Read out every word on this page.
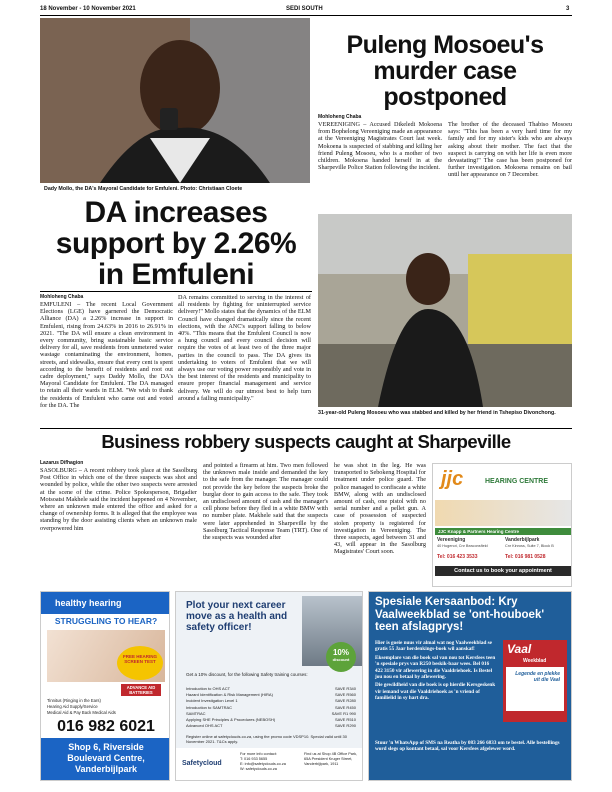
18 November - 10 November 2021	SEDI SOUTH	3
Dady Mollo, the DA's Mayoral Candidate for Emfuleni. Photo: Christiaan Cloete
DA increases support by 2.26% in Emfuleni
Mohloheng Chaba

EMFULENI – The recent Local Government Elections (LGE) have garnered the Democratic Alliance (DA) a 2.26% increase in support in Emfuleni, rising from 24.63% in 2016 to 26.91% in 2021. "The DA will ensure a clean environment in every community, bring sustainable basic service delivery for all, save residents from unmetered water wastage contaminating the environment, homes, streets, and sidewalks, ensure that every cent is spent according to the benefit of residents and root out cadre deployment," says Daddy Mollo, the DA's Mayoral Candidate for Emfuleni. The DA managed to retain all their wards in ELM. "We wish to thank the residents of Emfuleni who came out and voted for the DA. The

DA remains committed to serving in the interest of all residents by fighting for uninterrupted service delivery!" Mollo states that the dynamics of the ELM Council have changed dramatically since the recent elections, with the ANC's support falling to below 40%. "This means that the Emfuleni Council is now a hung council and every council decision will require the votes of at least two of the three major parties in the council to pass. The DA gives its undertaking to voters of Emfuleni that we will always use our voting power responsibly and vote in the best interest of the residents and municipality to ensure proper financial management and service delivery. We will do our utmost best to help turn around a failing municipality."

Puleng Mosoeu's murder case postponed
Mohloheng Chaba

VEREENIGING – Accused Dikeledi Mokoena from Bophelong Vereeniging made an appearance at the Vereeniging Magistrates Court last week. Mokoena is suspected of stabbing and killing her friend Puleng Mosoeu, who is a mother of two children. Mokoena handed herself in at the Sharpeville Police Station following the incident.

The brother of the deceased Thabiso Mosoeu says: "This has been a very hard time for my family and for my sister's kids who are always asking about their mother. The fact that the suspect is carrying on with her life is even more devastating!" The case has been postponed for further investigation. Mokoena remains on bail until her appearance on 7 December.

31-year-old Puleng Mosoeu who was stabbed and killed by her friend in Tshepiso Divonchong.
Business robbery suspects caught at Sharpeville
Lazarus Difhagion

SASOLBURG – A recent robbery took place at the Sasolburg Post Office in which one of the three suspects was shot and wounded by police, while the other two suspects were arrested at the scene of the crime. Police Spokesperson, Brigadier Motsoatsi Makhele said the incident happened on 4 November, where an unknown male entered the office and asked for a change of ownership forms. It is alleged that the employee was standing by the door assisting clients when an unknown male overpowered him

and pointed a firearm at him. Two men followed the unknown male inside and demanded the key to the safe from the manager. The manager could not provide the key before the suspects broke the burglar door to gain access to the safe. They took an undisclosed amount of cash and the manager's cell phone before they fled in a white BMW with no number plate. Makhele said that the suspects were later apprehended in Sharpeville by the Sasolburg Tactical Response Team (TRT). One of the suspects was wounded after

he was shot in the leg. He was transported to Sebokeng Hospital for treatment under police guard. The police managed to confiscate a white BMW, along with an undisclosed amount of cash, one pistol with no serial number and a pellet gun. A case of possession of suspected stolen property is registered for investigation in Vereeniging. The three suspects, aged between 31 and 43, will appear in the Sasolburg Magistrates' Court soon.

jjc	HEARING CENTRE
JJC Knapp & Partners Hearing Centre
Vereeniging	Vanderbijlpark
40 Hugenot, Cnr Beaconsfield	Cnr Kinross, Suite 7, Block B
Tel: 016 423 3533	Tel: 016 981 0528
Contact us to book your appointment
healthy hearing
STRUGGLING TO HEAR?
FREE HEARING SCREEN TEST
ADVANCE AID BATTERIES
Tinnitus (Ringing in the Ears)
Hearing Aid Supply/Service
Medical Aid & Pay Back Medical Aids
016 982 6021
Shop 6, Riverside
Boulevard Centre,
Vanderbijlpark
Plot your next career move as a health and safety officer!
10%
discount
Get a 10% discount, for the following Safety training courses:
Introduction to OHS ACT	SAVE R340
Hazard Identification & Risk Management (HIRA)	SAVE R560
Incident Investigation Level 1	SAVE R280
Introduction to SAMTRAC	SAVE R450
SAMTRAC	SAVE R1 990
Applying SHE Principles & Procedures (NEBOSH)	SAVE R510
Advanced OHS ACT	SAVE R290
Register online at safetyclouds.co.za, using the promo code VDSP10. Special valid until 30 November 2021. T&Cs apply.
Safetycloud
For more info contact:
T: 016 933 5655
E: info@safetyclouds.co.za
W: safetyclouds.co.za
Find us at Shop 4B Office Park, 65A President Kruger Street, Vanderbijlpark, 1911
Spesiale Kersaanbod: Kry Vaalweekblad se 'ont-houboek' teen afslagprys!
Hier is goeie nuus vir almal wat nog Vaalweekblad se gratis 55 Jaar herdenkings-boek wil aanskaf!
Eksemplare van die boek sal van nou tot Kersfees teen 'n spesiale prys van R250 beskik-baar wees. Bel 016 422 3150 vir aflewering in die Vaaldriehoek. Is Bestel jou nou en betaal by aflewering.
Die gewildheid van die boek is op hierdie Kersgeskenk vir iemand wat die Vaaldriehoek as 'n vriend of familielid in sy hart dra.
Vaal
Weekblad
Legende en plekke uit die Vaal
Stuur 'n WhatsApp of SMS na Reatha by 083 266 6833 om te bestel. Alle bestellings word slegs op kontant betaal, sal voor Kersfees afgelewer word.
